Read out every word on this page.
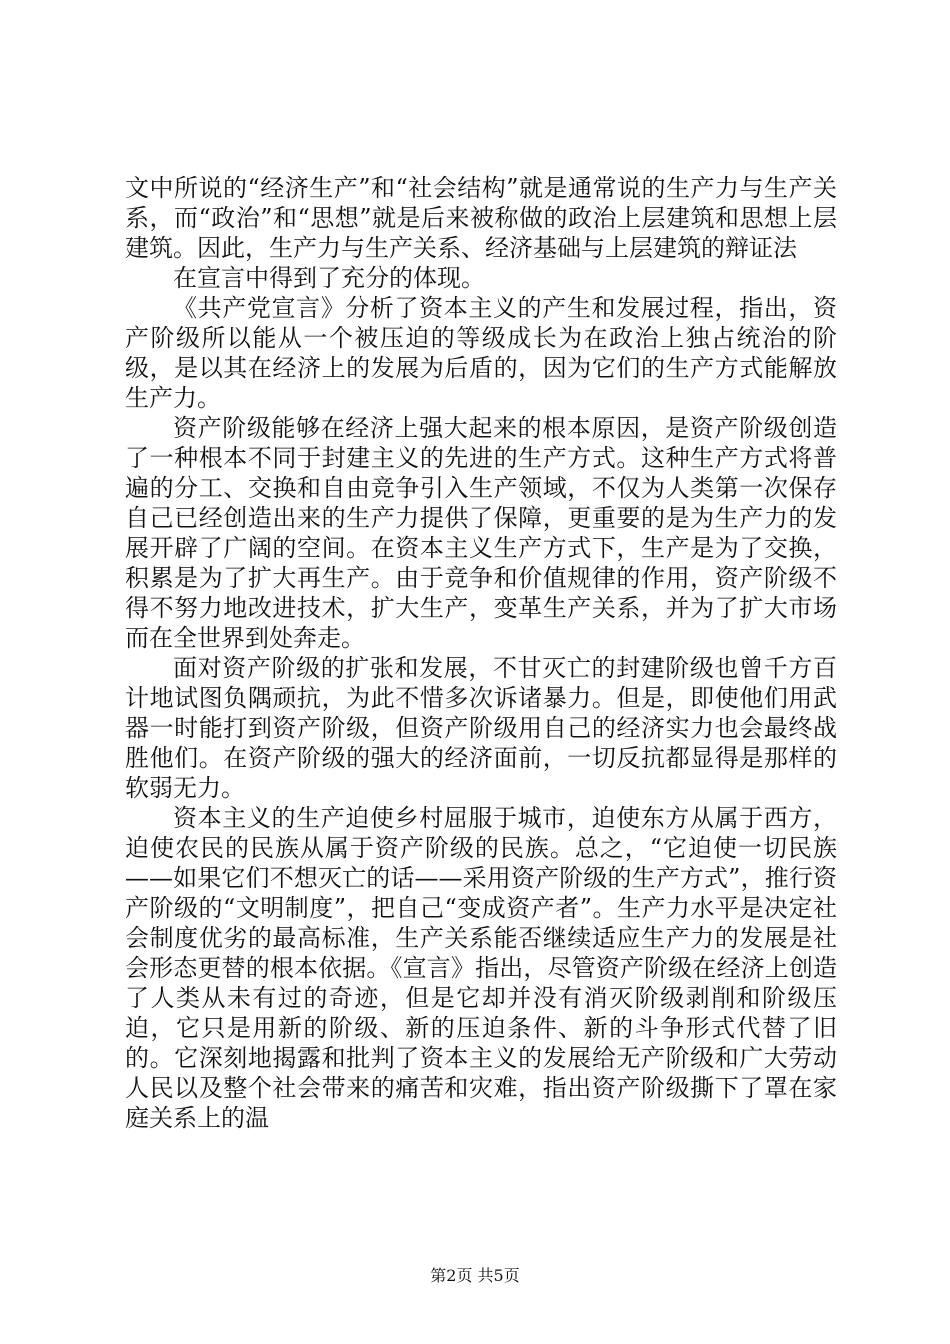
文中所说的“经济生产”和“社会结构”就是通常说的生产力与生产关系，而“政治”和“思想”就是后来被称做的政治上层建筑和思想上层建筑。因此，生产力与生产关系、经济基础与上层建筑的辩证法

在宣言中得到了充分的体现。

《共产党宣言》分析了资本主义的产生和发展过程，指出，资产阶级所以能从一个被压迫的等级成长为在政治上独占统治的阶级，是以其在经济上的发展为后盾的，因为它们的生产方式能解放生产力。

资产阶级能够在经济上强大起来的根本原因，是资产阶级创造了一种根本不同于封建主义的先进的生产方式。这种生产方式将普遍的分工、交换和自由竞争引入生产领域，不仅为人类第一次保存自己已经创造出来的生产力提供了保障，更重要的是为生产力的发展开辟了广阔的空间。在资本主义生产方式下，生产是为了交换，积累是为了扩大再生产。由于竞争和价值规律的作用，资产阶级不得不努力地改进技术，扩大生产，变革生产关系，并为了扩大市场而在全世界到处奔走。

面对资产阶级的扩张和发展，不甘灭亡的封建阶级也曾千方百计地试图负隅顽抗，为此不惜多次诉诸暴力。但是，即使他们用武器一时能打到资产阶级，但资产阶级用自己的经济实力也会最终战胜他们。在资产阶级的强大的经济面前，一切反抗都显得是那样的软弱无力。

资本主义的生产迫使乡村屈服于城市，迫使东方从属于西方，迫使农民的民族从属于资产阶级的民族。总之，“它迫使一切民族——如果它们不想灭亡的话——采用资产阶级的生产方式”，推行资产阶级的“文明制度”，把自己“变成资产者”。生产力水平是决定社会制度优劣的最高标准，生产关系能否继续适应生产力的发展是社会形态更替的根本依据。《宣言》指出，尽管资产阶级在经济上创造了人类从未有过的奇迹，但是它却并没有消灭阶级剥削和阶级压迫，它只是用新的阶级、新的压迫条件、新的斗争形式代替了旧的。它深刻地揭露和批判了资本主义的发展给无产阶级和广大劳动人民以及整个社会带来的痛苦和灾难，指出资产阶级撕下了罩在家庭关系上的温

第2页 共5页
